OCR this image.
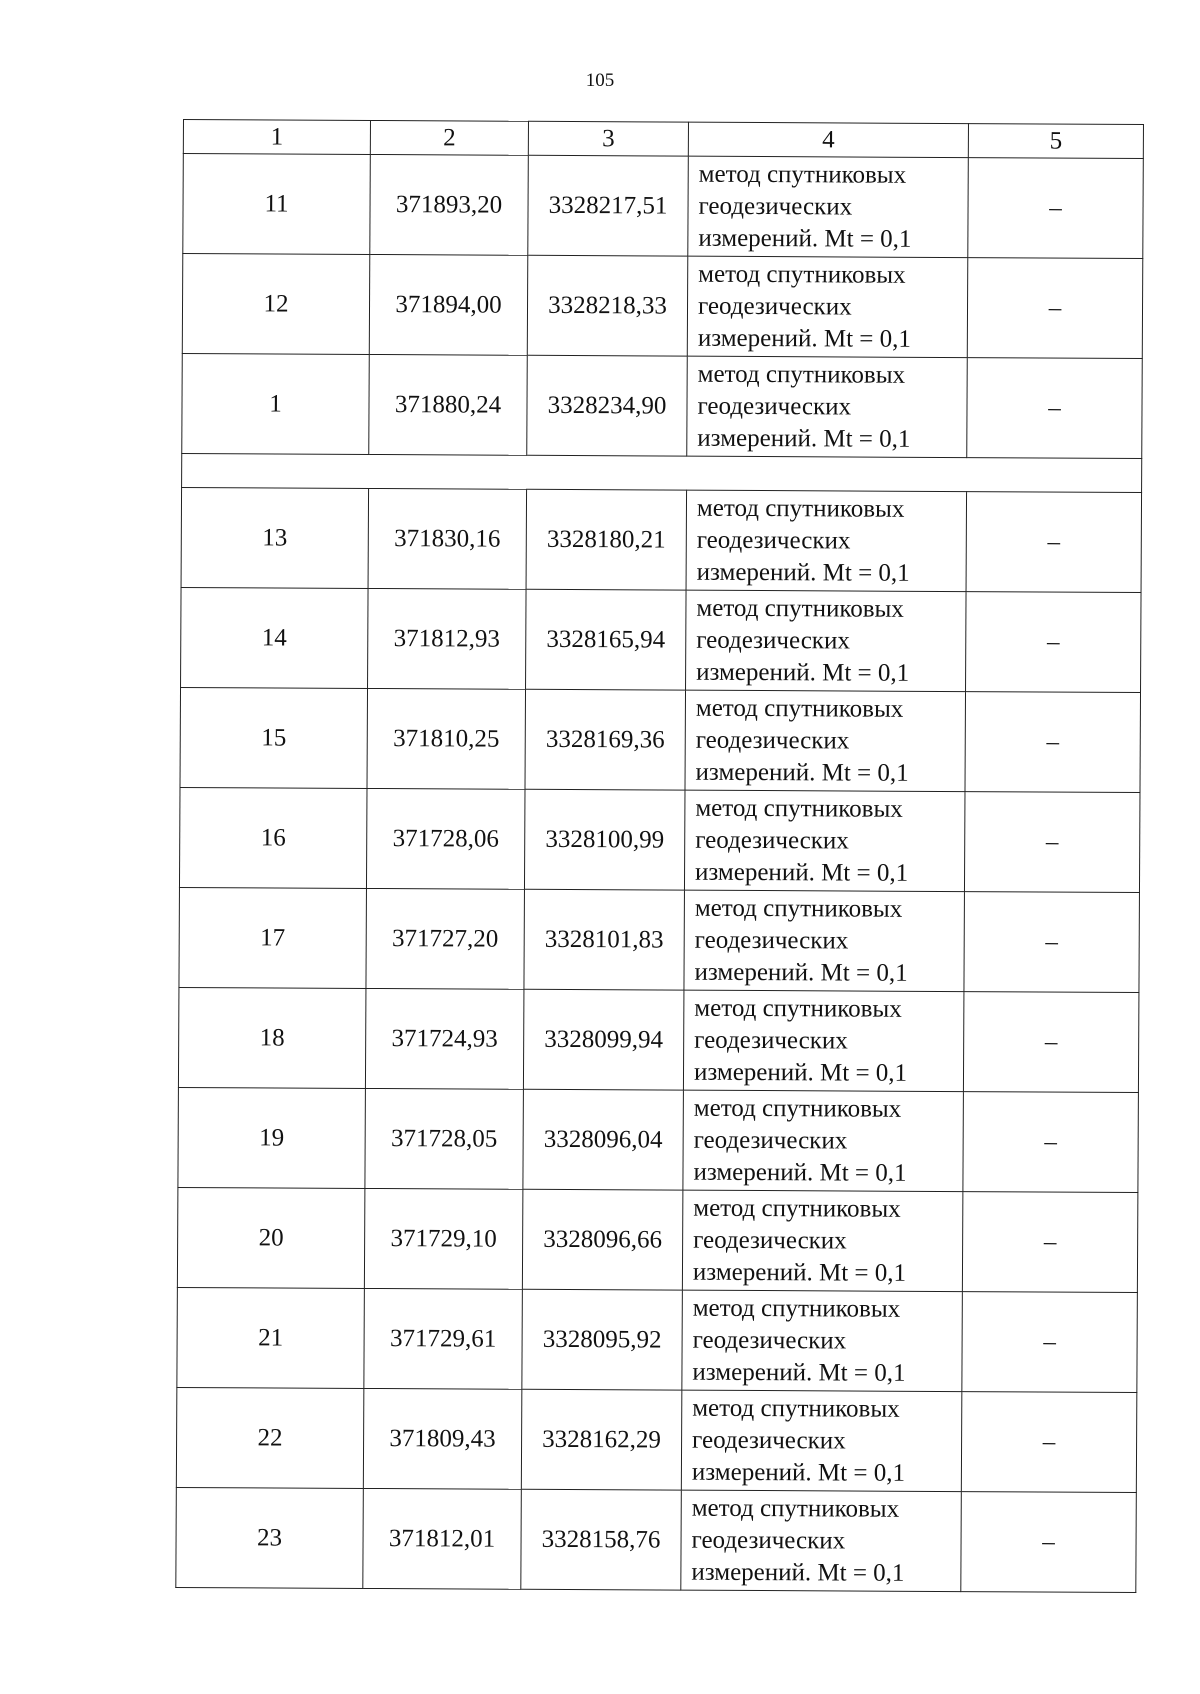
105
1	2	3	4	5
11	371893,20	3328217,51	метод спутниковых
геодезических
измерений. Mt = 0,1	–
12	371894,00	3328218,33	метод спутниковых
геодезических
измерений. Mt = 0,1	–
1	371880,24	3328234,90	метод спутниковых
геодезических
измерений. Mt = 0,1	–

13	371830,16	3328180,21	метод спутниковых
геодезических
измерений. Mt = 0,1	–
14	371812,93	3328165,94	метод спутниковых
геодезических
измерений. Mt = 0,1	–
15	371810,25	3328169,36	метод спутниковых
геодезических
измерений. Mt = 0,1	–
16	371728,06	3328100,99	метод спутниковых
геодезических
измерений. Mt = 0,1	–
17	371727,20	3328101,83	метод спутниковых
геодезических
измерений. Mt = 0,1	–
18	371724,93	3328099,94	метод спутниковых
геодезических
измерений. Mt = 0,1	–
19	371728,05	3328096,04	метод спутниковых
геодезических
измерений. Mt = 0,1	–
20	371729,10	3328096,66	метод спутниковых
геодезических
измерений. Mt = 0,1	–
21	371729,61	3328095,92	метод спутниковых
геодезических
измерений. Mt = 0,1	–
22	371809,43	3328162,29	метод спутниковых
геодезических
измерений. Mt = 0,1	–
23	371812,01	3328158,76	метод спутниковых
геодезических
измерений. Mt = 0,1	–
